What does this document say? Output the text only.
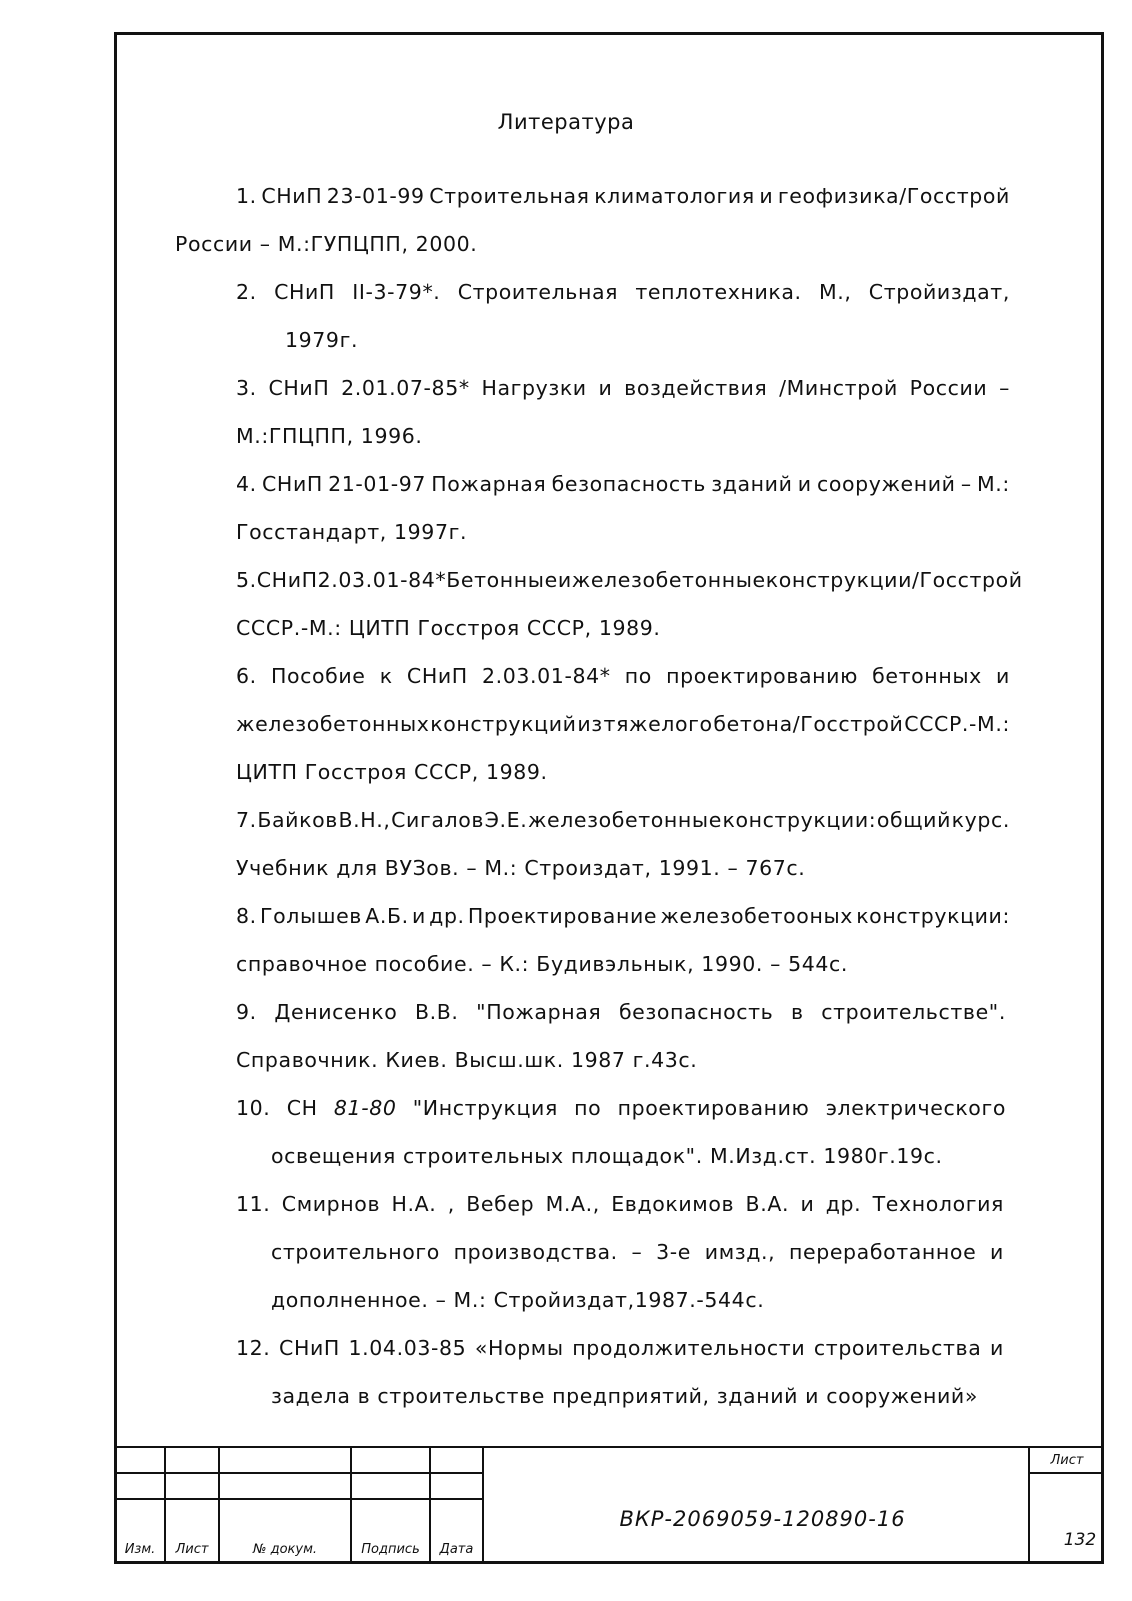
Литература
1. СНиП 23-01-99 Строительная климатология и геофизика/Госстрой
России – М.:ГУПЦПП, 2000.
2. СНиП II-3-79*. Строительная теплотехника. М., Стройиздат,
1979г.
3. СНиП 2.01.07-85* Нагрузки и воздействия /Минстрой России –
М.:ГПЦПП, 1996.
4. СНиП 21-01-97 Пожарная безопасность зданий и сооружений – М.:
Госстандарт, 1997г.
5. СНиП 2.03.01-84* Бетонные и железобетонные конструкции/Госстрой
СССР.-М.: ЦИТП Госстроя СССР, 1989.
6. Пособие к СНиП 2.03.01-84* по проектированию бетонных и
железобетонных конструкций из тяжелого бетона/Госстрой СССР.-М.:
ЦИТП Госстроя СССР, 1989.
7. Байков В.Н., Сигалов Э.Е. железобетонные конструкции: общий курс.
Учебник для ВУЗов. – М.: Строиздат, 1991. – 767с.
8. Голышев А.Б. и др. Проектирование железобетооных конструкции:
справочное пособие. – К.: Будивэльнык, 1990. – 544с.
9. Денисенко В.В. "Пожарная безопасность в строительстве".
Справочник. Киев. Высш.шк. 1987 г.43с.
10. СН 81-80 "Инструкция по проектированию электрического
освещения строительных площадок". М.Изд.ст. 1980г.19с.
11. Смирнов Н.А. , Вебер М.А., Евдокимов В.А. и др. Технология
строительного производства. – 3-е имзд., переработанное и
дополненное. – М.: Стройиздат,1987.-544с.
12. СНиП 1.04.03-85 «Нормы продолжительности строительства и
задела в строительстве предприятий, зданий и сооружений»
Изм.	Лист	№ докум.	Подпись	Дата
ВКР-2069059-120890-16
Лист
132
